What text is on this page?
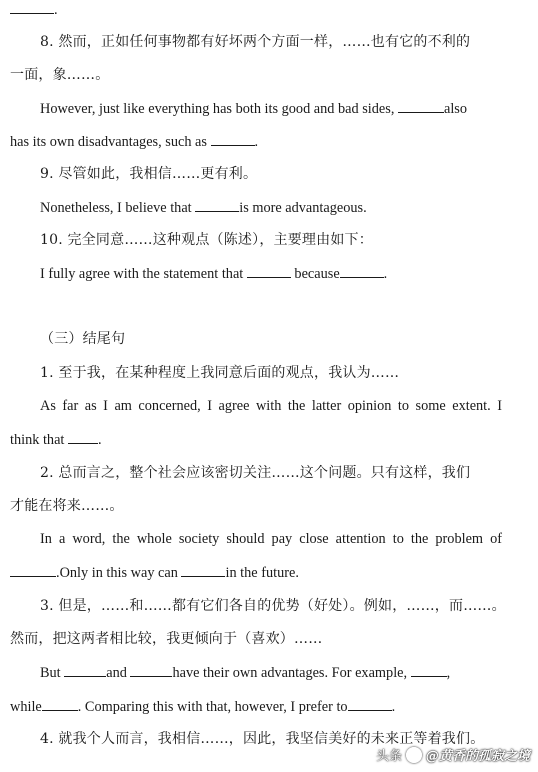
.
8. 然而，正如任何事物都有好坏两个方面一样，……也有它的不利的
一面，象……。
However, just like everything has both its good and bad sides,	also
has its own disadvantages, such as	.
9. 尽管如此，我相信……更有利。
Nonetheless, I believe that	is more advantageous.
10. 完全同意……这种观点（陈述），主要理由如下：
I fully agree with the statement that	because	.
（三）结尾句
1. 至于我，在某种程度上我同意后面的观点，我认为……
As far as I am concerned, I agree with the latter opinion to some extent. I
think that .
2. 总而言之，整个社会应该密切关注……这个问题。只有这样，我们
才能在将来……。
In a word, the whole society should pay close attention to the problem of
.Only in this way can	in the future.
3. 但是，……和……都有它们各自的优势（好处）。例如，……，而……。
然而，把这两者相比较，我更倾向于（喜欢）……
But	and	have their own advantages. For example,	,
while	. Comparing this with that, however, I prefer to	.
4. 就我个人而言，我相信……，因此，我坚信美好的未来正等着我们。
头条 @黄香的孤寂之境
